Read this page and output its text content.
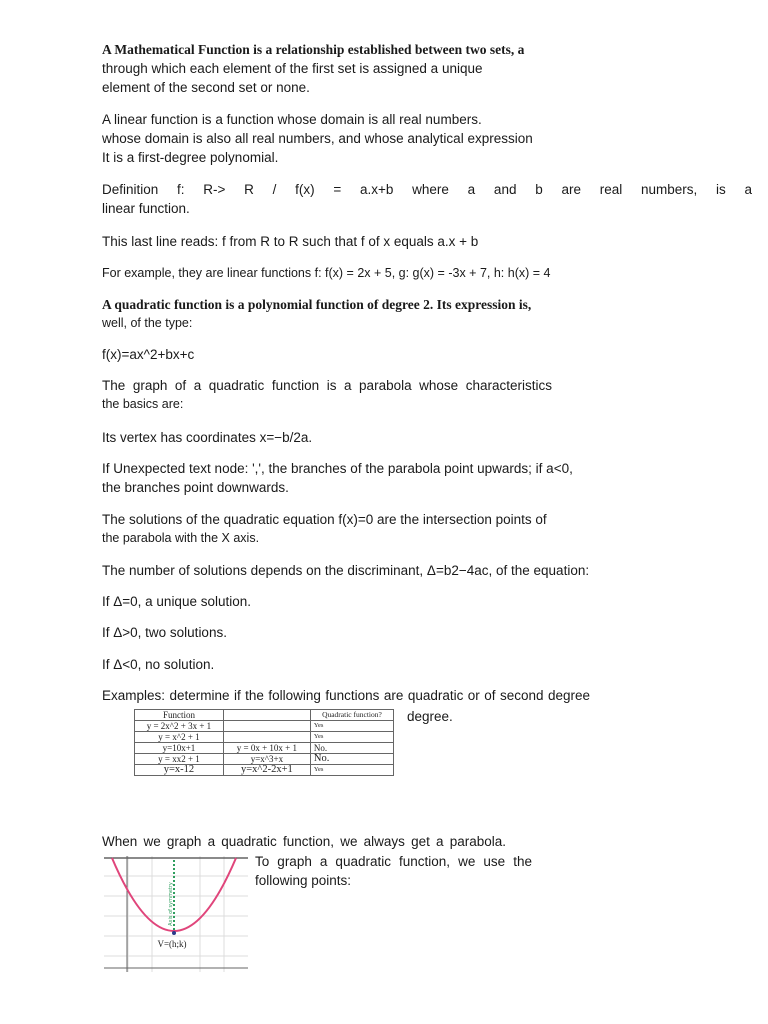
A Mathematical Function is a relationship established between two sets, a
through which each element of the first set is assigned a unique
element of the second set or none.
A linear function is a function whose domain is all real numbers.
whose domain is also all real numbers, and whose analytical expression
It is a first-degree polynomial.
Definition f: R-> R / f(x) = a.x+b where a and b are real numbers, is a
linear function.
This last line reads: f from R to R such that f of x equals a.x + b
For example, they are linear functions f: f(x) = 2x + 5, g: g(x) = -3x + 7, h: h(x) = 4
A quadratic function is a polynomial function of degree 2. Its expression is,
well, of the type:
f(x)=ax^2+bx+c
The graph of a quadratic function is a parabola whose characteristics
the basics are:
Its vertex has coordinates x=−b/2a.
If Unexpected text node: ',', the branches of the parabola point upwards; if a<0,
the branches point downwards.
The solutions of the quadratic equation f(x)=0 are the intersection points of
the parabola with the X axis.
The number of solutions depends on the discriminant, Δ=b2−4ac, of the equation:
If Δ=0, a unique solution.
If Δ>0, two solutions.
If Δ<0, no solution.
Examples: determine if the following functions are quadratic or of second degree
degree.
Function		Quadratic function?
y = 2x^2 + 3x + 1		Yes
y = x^2 + 1		Yes
y=10x+1	y = 0x + 10x + 1	No.
y = xx2 + 1	y=x^3+x	No.
y=x-12	y=x^2-2x+1	Yes
When we graph a quadratic function, we always get a parabola.
To graph a quadratic function, we use the
following points:
Axis of symmetry
V=(h;k)
